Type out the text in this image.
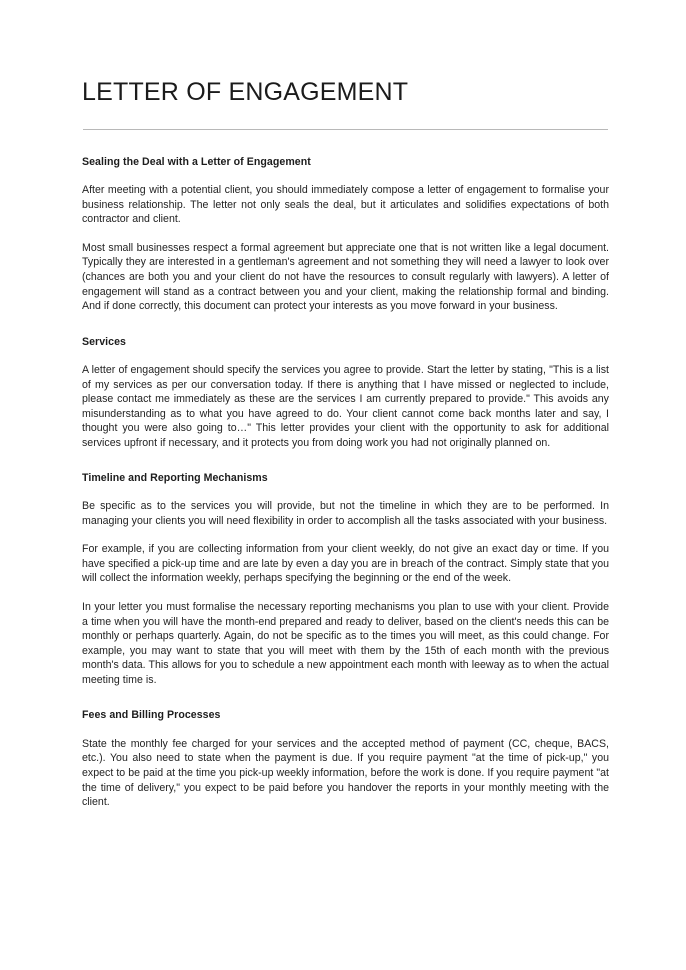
LETTER OF ENGAGEMENT
Sealing the Deal with a Letter of Engagement

After meeting with a potential client, you should immediately compose a letter of engagement to formalise your business relationship. The letter not only seals the deal, but it articulates and solidifies expectations of both contractor and client.

Most small businesses respect a formal agreement but appreciate one that is not written like a legal document. Typically they are interested in a gentleman's agreement and not something they will need a lawyer to look over (chances are both you and your client do not have the resources to consult regularly with lawyers). A letter of engagement will stand as a contract between you and your client, making the relationship formal and binding. And if done correctly, this document can protect your interests as you move forward in your business.

Services

A letter of engagement should specify the services you agree to provide. Start the letter by stating, "This is a list of my services as per our conversation today. If there is anything that I have missed or neglected to include, please contact me immediately as these are the services I am currently prepared to provide." This avoids any misunderstanding as to what you have agreed to do. Your client cannot come back months later and say, I thought you were also going to…" This letter provides your client with the opportunity to ask for additional services upfront if necessary, and it protects you from doing work you had not originally planned on.

Timeline and Reporting Mechanisms

Be specific as to the services you will provide, but not the timeline in which they are to be performed. In managing your clients you will need flexibility in order to accomplish all the tasks associated with your business.

For example, if you are collecting information from your client weekly, do not give an exact day or time. If you have specified a pick-up time and are late by even a day you are in breach of the contract. Simply state that you will collect the information weekly, perhaps specifying the beginning or the end of the week.

In your letter you must formalise the necessary reporting mechanisms you plan to use with your client. Provide a time when you will have the month-end prepared and ready to deliver, based on the client's needs this can be monthly or perhaps quarterly. Again, do not be specific as to the times you will meet, as this could change. For example, you may want to state that you will meet with them by the 15th of each month with the previous month's data. This allows for you to schedule a new appointment each month with leeway as to when the actual meeting time is.

Fees and Billing Processes

State the monthly fee charged for your services and the accepted method of payment (CC, cheque, BACS, etc.). You also need to state when the payment is due. If you require payment "at the time of pick-up," you expect to be paid at the time you pick-up weekly information, before the work is done. If you require payment "at the time of delivery," you expect to be paid before you handover the reports in your monthly meeting with the client.
